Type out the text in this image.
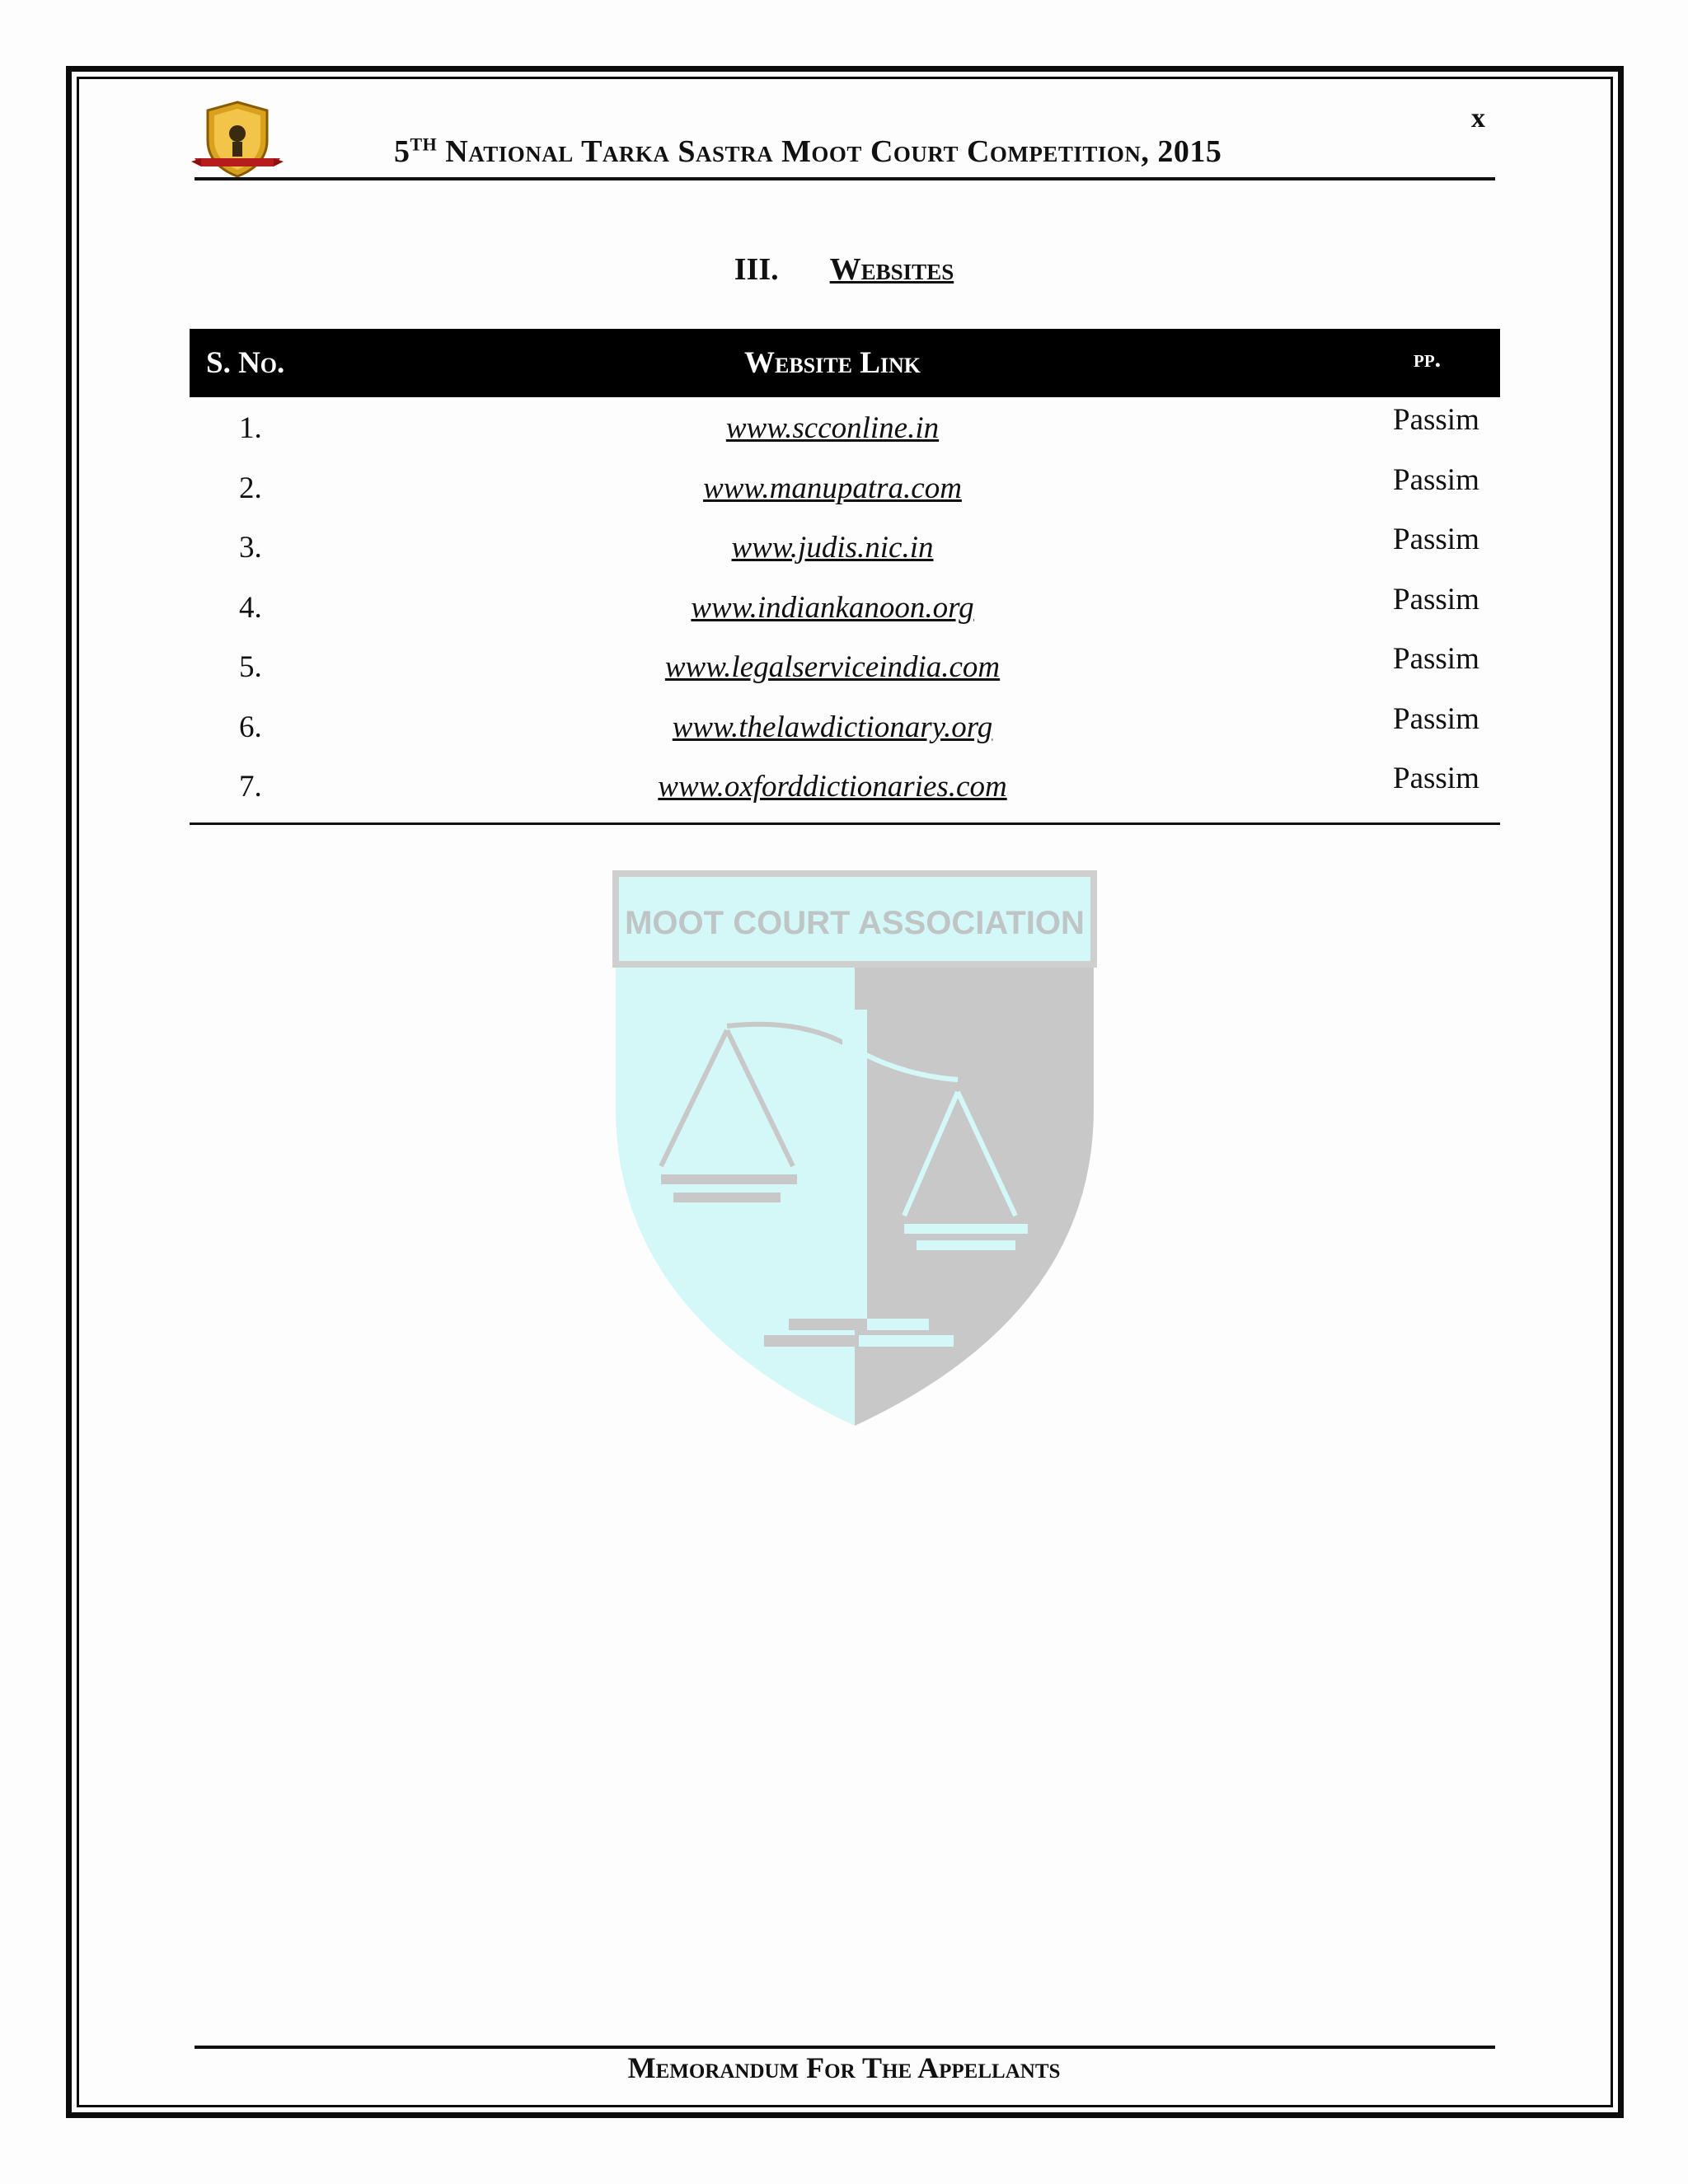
x
5TH National Tarka Sastra Moot Court Competition, 2015
III. Websites
S. No.	Website Link	pp.
1.	www.scconline.in	Passim
2.	www.manupatra.com	Passim
3.	www.judis.nic.in	Passim
4.	www.indiankanoon.org	Passim
5.	www.legalserviceindia.com	Passim
6.	www.thelawdictionary.org	Passim
7.	www.oxforddictionaries.com	Passim
MOOT COURT ASSOCIATION
Memorandum For The Appellants
